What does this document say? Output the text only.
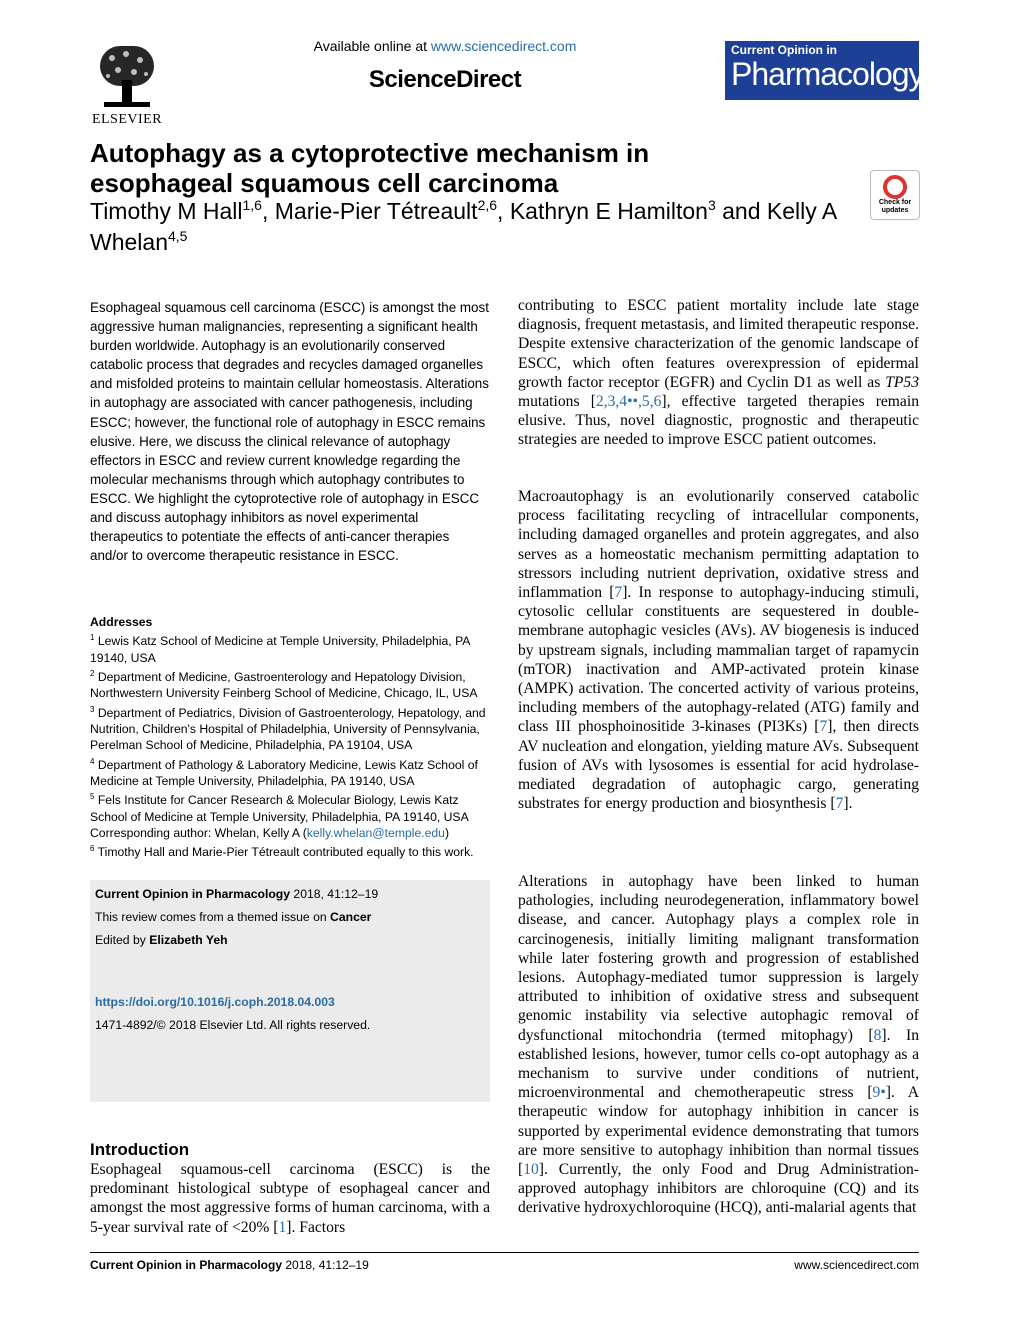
ELSEVIER
Available online at www.sciencedirect.com
ScienceDirect
Current Opinion in
Pharmacology
Autophagy as a cytoprotective mechanism in esophageal squamous cell carcinoma
Timothy M Hall$^{1,6}$, Marie-Pier Tétreault$^{2,6}$, Kathryn E Hamilton$^3$ and Kelly A Whelan$^{4,5}$
Check for updates
Esophageal squamous cell carcinoma (ESCC) is amongst the most aggressive human malignancies, representing a significant health burden worldwide. Autophagy is an evolutionarily conserved catabolic process that degrades and recycles damaged organelles and misfolded proteins to maintain cellular homeostasis. Alterations in autophagy are associated with cancer pathogenesis, including ESCC; however, the functional role of autophagy in ESCC remains elusive. Here, we discuss the clinical relevance of autophagy effectors in ESCC and review current knowledge regarding the molecular mechanisms through which autophagy contributes to ESCC. We highlight the cytoprotective role of autophagy in ESCC and discuss autophagy inhibitors as novel experimental therapeutics to potentiate the effects of anti-cancer therapies and/or to overcome therapeutic resistance in ESCC.

Addresses

$^1$ Lewis Katz School of Medicine at Temple University, Philadelphia, PA 19140, USA

$^2$ Department of Medicine, Gastroenterology and Hepatology Division, Northwestern University Feinberg School of Medicine, Chicago, IL, USA

$^3$ Department of Pediatrics, Division of Gastroenterology, Hepatology, and Nutrition, Children's Hospital of Philadelphia, University of Pennsylvania, Perelman School of Medicine, Philadelphia, PA 19104, USA

$^4$ Department of Pathology & Laboratory Medicine, Lewis Katz School of Medicine at Temple University, Philadelphia, PA 19140, USA

$^5$ Fels Institute for Cancer Research & Molecular Biology, Lewis Katz School of Medicine at Temple University, Philadelphia, PA 19140, USA

Corresponding author: Whelan, Kelly A (kelly.whelan@temple.edu)

$^6$ Timothy Hall and Marie-Pier Tétreault contributed equally to this work.

Current Opinion in Pharmacology 2018, 41:12–19

This review comes from a themed issue on Cancer

Edited by Elizabeth Yeh

https://doi.org/10.1016/j.coph.2018.04.003

1471-4892/© 2018 Elsevier Ltd. All rights reserved.

Introduction
Esophageal squamous-cell carcinoma (ESCC) is the predominant histological subtype of esophageal cancer and amongst the most aggressive forms of human carcinoma, with a 5-year survival rate of <20% [1]. Factors
contributing to ESCC patient mortality include late stage diagnosis, frequent metastasis, and limited therapeutic response. Despite extensive characterization of the genomic landscape of ESCC, which often features overexpression of epidermal growth factor receptor (EGFR) and Cyclin D1 as well as TP53 mutations [2,3,4••,5,6], effective targeted therapies remain elusive. Thus, novel diagnostic, prognostic and therapeutic strategies are needed to improve ESCC patient outcomes.
Macroautophagy is an evolutionarily conserved catabolic process facilitating recycling of intracellular components, including damaged organelles and protein aggregates, and also serves as a homeostatic mechanism permitting adaptation to stressors including nutrient deprivation, oxidative stress and inflammation [7]. In response to autophagy-inducing stimuli, cytosolic cellular constituents are sequestered in double-membrane autophagic vesicles (AVs). AV biogenesis is induced by upstream signals, including mammalian target of rapamycin (mTOR) inactivation and AMP-activated protein kinase (AMPK) activation. The concerted activity of various proteins, including members of the autophagy-related (ATG) family and class III phosphoinositide 3-kinases (PI3Ks) [7], then directs AV nucleation and elongation, yielding mature AVs. Subsequent fusion of AVs with lysosomes is essential for acid hydrolase-mediated degradation of autophagic cargo, generating substrates for energy production and biosynthesis [7].
Alterations in autophagy have been linked to human pathologies, including neurodegeneration, inflammatory bowel disease, and cancer. Autophagy plays a complex role in carcinogenesis, initially limiting malignant transformation while later fostering growth and progression of established lesions. Autophagy-mediated tumor suppression is largely attributed to inhibition of oxidative stress and subsequent genomic instability via selective autophagic removal of dysfunctional mitochondria (termed mitophagy) [8]. In established lesions, however, tumor cells co-opt autophagy as a mechanism to survive under conditions of nutrient, microenvironmental and chemotherapeutic stress [9•]. A therapeutic window for autophagy inhibition in cancer is supported by experimental evidence demonstrating that tumors are more sensitive to autophagy inhibition than normal tissues [10]. Currently, the only Food and Drug Administration-approved autophagy inhibitors are chloroquine (CQ) and its derivative hydroxychloroquine (HCQ), anti-malarial agents that
Current Opinion in Pharmacology 2018, 41:12–19	www.sciencedirect.com
